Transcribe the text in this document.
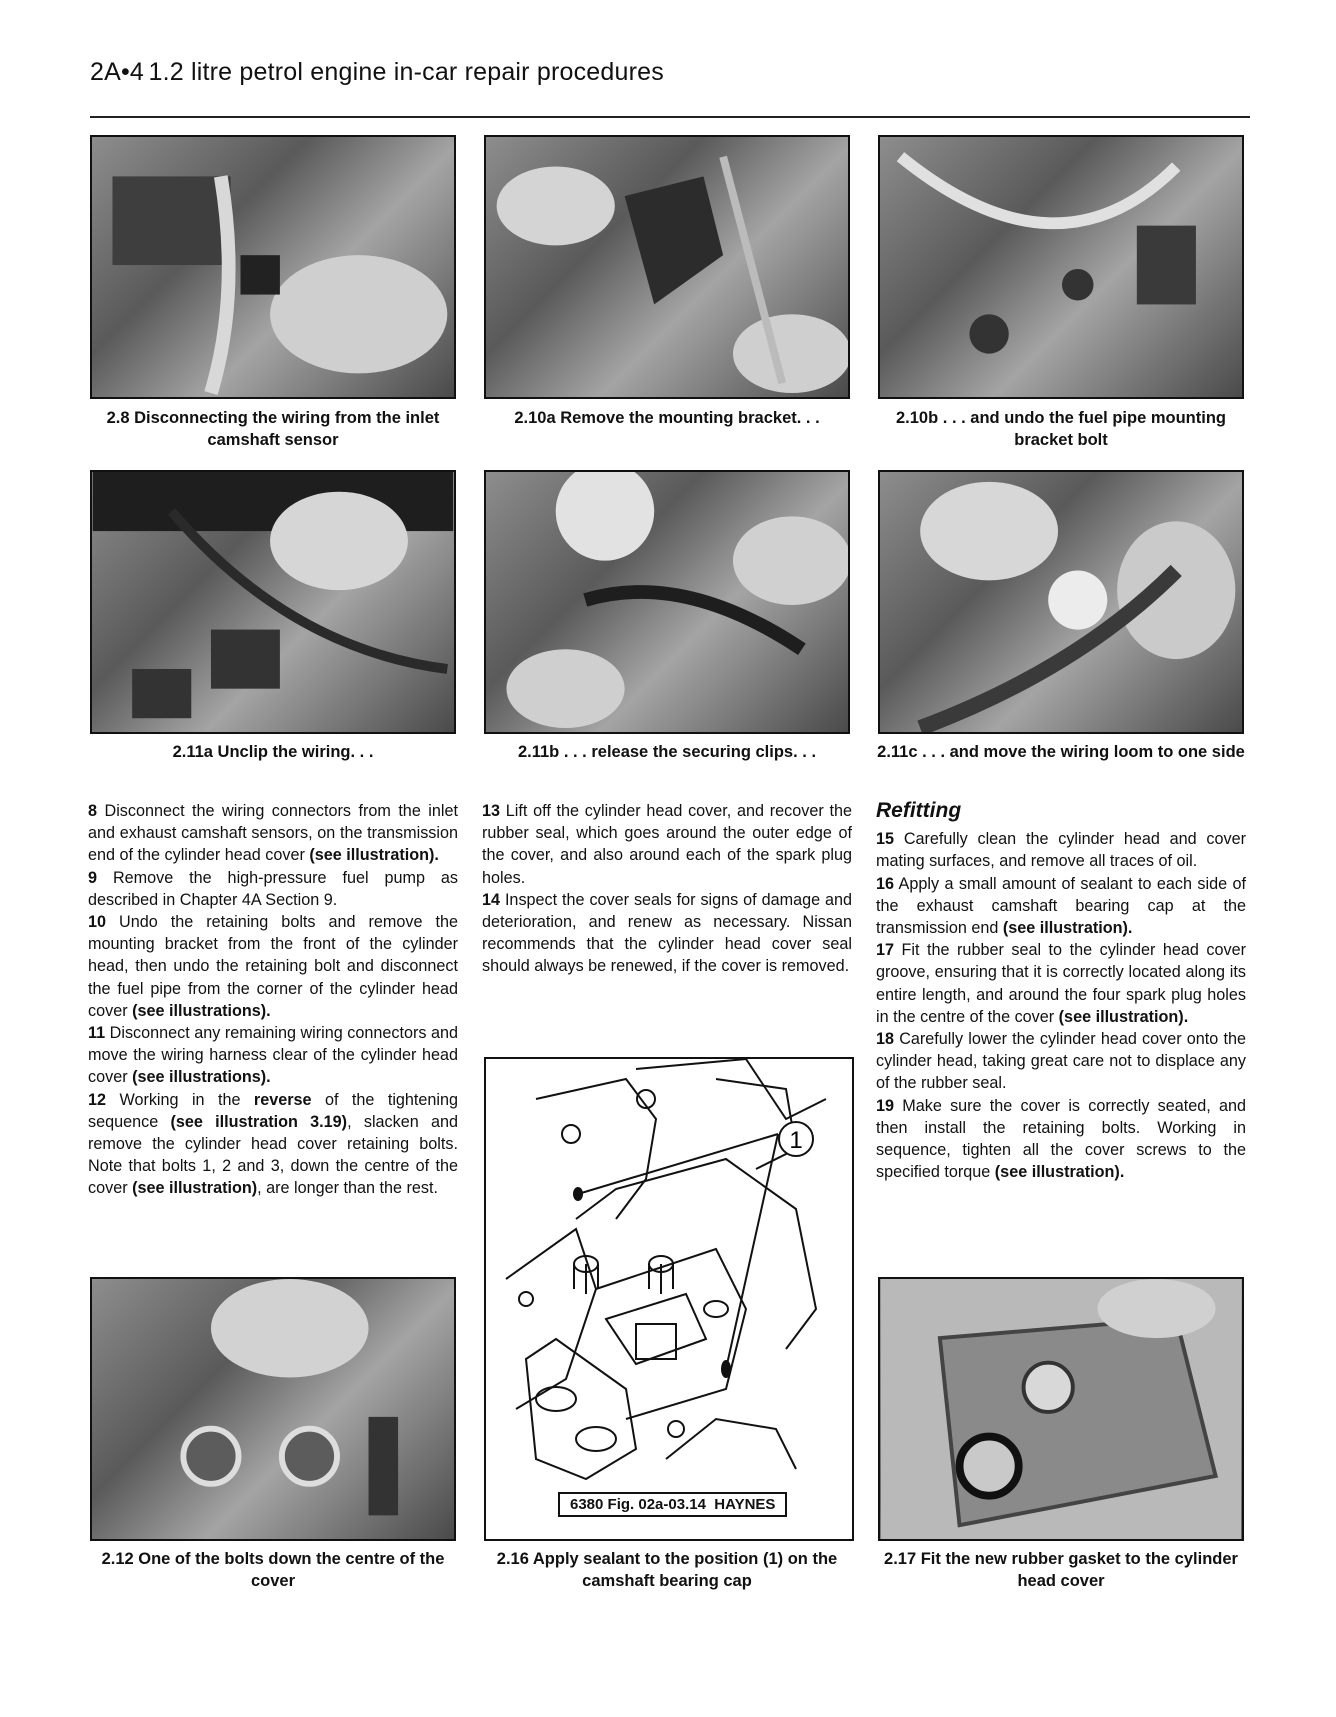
2A•4 1.2 litre petrol engine in-car repair procedures
2.8 Disconnecting the wiring from the inlet camshaft sensor
2.10a Remove the mounting bracket. . .	2.10b . . . and undo the fuel pipe mounting bracket bolt
2.11a Unclip the wiring. . .	2.11b . . . release the securing clips. . .	2.11c . . . and move the wiring loom to one side

8 Disconnect the wiring connectors from the inlet and exhaust camshaft sensors, on the transmission end of the cylinder head cover (see illustration).

9 Remove the high-pressure fuel pump as described in Chapter 4A Section 9.

10 Undo the retaining bolts and remove the mounting bracket from the front of the cylinder head, then undo the retaining bolt and disconnect the fuel pipe from the corner of the cylinder head cover (see illustrations).

11 Disconnect any remaining wiring connectors and move the wiring harness clear of the cylinder head cover (see illustrations).

12 Working in the reverse of the tightening sequence (see illustration 3.19), slacken and remove the cylinder head cover retaining bolts. Note that bolts 1, 2 and 3, down the centre of the cover (see illustration), are longer than the rest.

13 Lift off the cylinder head cover, and recover the rubber seal, which goes around the outer edge of the cover, and also around each of the spark plug holes.

14 Inspect the cover seals for signs of damage and deterioration, and renew as necessary. Nissan recommends that the cylinder head cover seal should always be renewed, if the cover is removed.

Refitting

15 Carefully clean the cylinder head and cover mating surfaces, and remove all traces of oil.

16 Apply a small amount of sealant to each side of the exhaust camshaft bearing cap at the transmission end (see illustration).

17 Fit the rubber seal to the cylinder head cover groove, ensuring that it is correctly located along its entire length, and around the four spark plug holes in the centre of the cover (see illustration).

18 Carefully lower the cylinder head cover onto the cylinder head, taking great care not to displace any of the rubber seal.

19 Make sure the cover is correctly seated, and then install the retaining bolts. Working in sequence, tighten all the cover screws to the specified torque (see illustration).

1
6380 Fig. 02a-03.14 HAYNES
2.16 Apply sealant to the position (1) on the camshaft bearing cap
2.12 One of the bolts down the centre of the cover
2.17 Fit the new rubber gasket to the cylinder head cover
